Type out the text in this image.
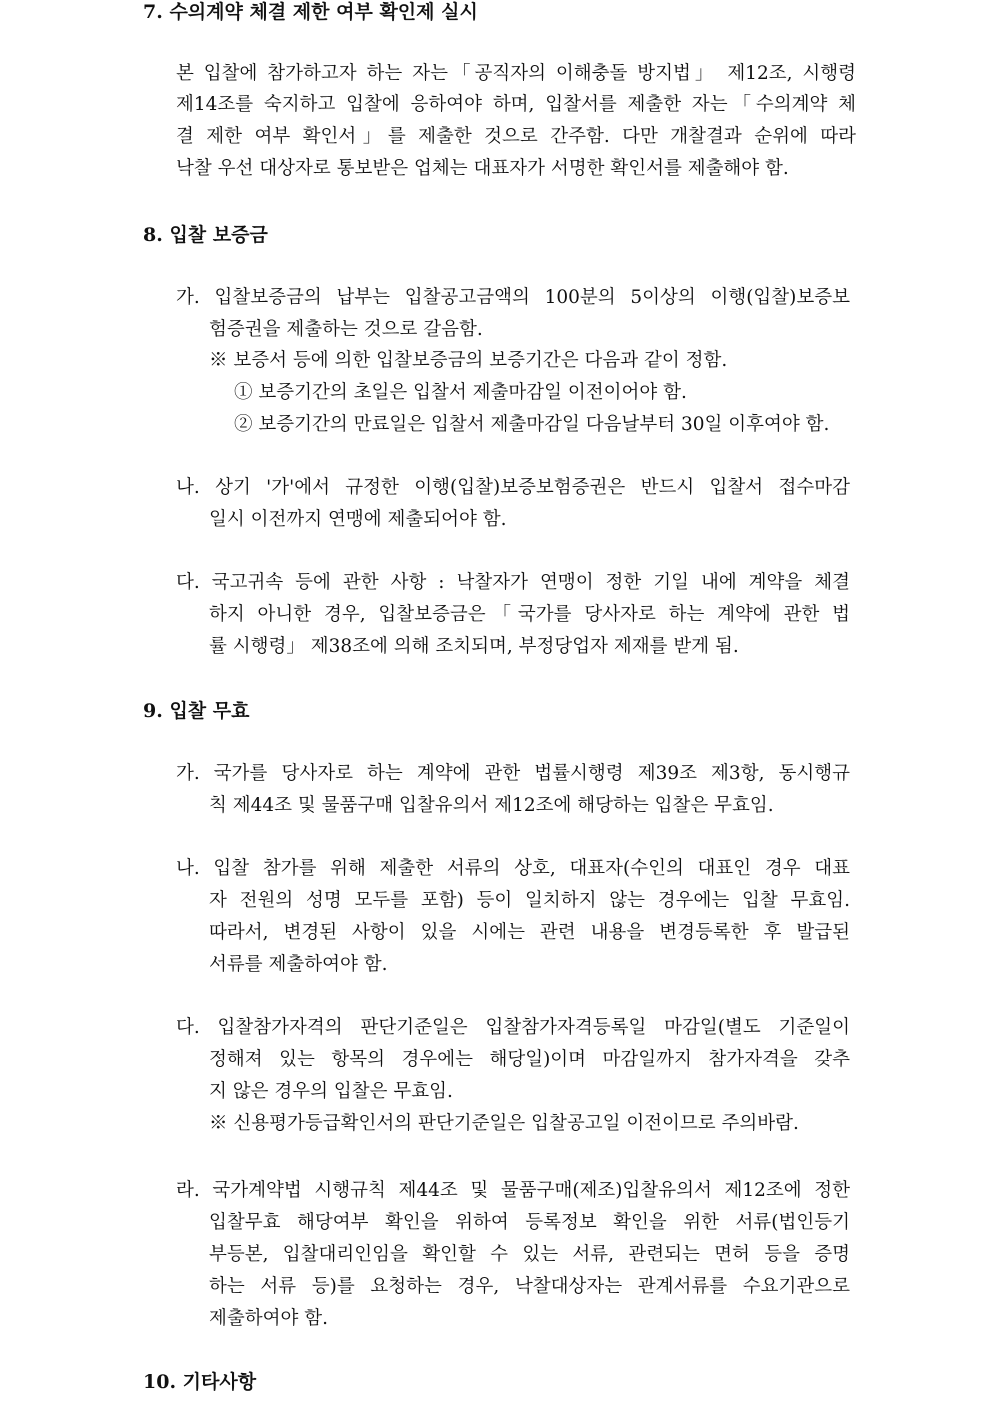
7. 수의계약 체결 제한 여부 확인제 실시
본 입찰에 참가하고자 하는 자는「공직자의 이해충돌 방지법」 제12조, 시행령
제14조를 숙지하고 입찰에 응하여야 하며, 입찰서를 제출한 자는「수의계약 체
결 제한 여부 확인서」를 제출한 것으로 간주함. 다만 개찰결과 순위에 따라
낙찰 우선 대상자로 통보받은 업체는 대표자가 서명한 확인서를 제출해야 함.
8. 입찰 보증금
가. 입찰보증금의 납부는 입찰공고금액의 100분의 5이상의 이행(입찰)보증보
험증권을 제출하는 것으로 갈음함.
※ 보증서 등에 의한 입찰보증금의 보증기간은 다음과 같이 정함.
① 보증기간의 초일은 입찰서 제출마감일 이전이어야 함.
② 보증기간의 만료일은 입찰서 제출마감일 다음날부터 30일 이후여야 함.
나. 상기 '가'에서 규정한 이행(입찰)보증보험증권은 반드시 입찰서 접수마감
일시 이전까지 연맹에 제출되어야 함.
다. 국고귀속 등에 관한 사항 : 낙찰자가 연맹이 정한 기일 내에 계약을 체결
하지 아니한 경우, 입찰보증금은「국가를 당사자로 하는 계약에 관한 법
률 시행령」 제38조에 의해 조치되며, 부정당업자 제재를 받게 됨.
9. 입찰 무효
가. 국가를 당사자로 하는 계약에 관한 법률시행령 제39조 제3항, 동시행규
칙 제44조 및 물품구매 입찰유의서 제12조에 해당하는 입찰은 무효임.
나. 입찰 참가를 위해 제출한 서류의 상호, 대표자(수인의 대표인 경우 대표
자 전원의 성명 모두를 포함) 등이 일치하지 않는 경우에는 입찰 무효임.
따라서, 변경된 사항이 있을 시에는 관련 내용을 변경등록한 후 발급된
서류를 제출하여야 함.
다. 입찰참가자격의 판단기준일은 입찰참가자격등록일 마감일(별도 기준일이
정해져 있는 항목의 경우에는 해당일)이며 마감일까지 참가자격을 갖추
지 않은 경우의 입찰은 무효임.
※ 신용평가등급확인서의 판단기준일은 입찰공고일 이전이므로 주의바람.
라. 국가계약법 시행규칙 제44조 및 물품구매(제조)입찰유의서 제12조에 정한
입찰무효 해당여부 확인을 위하여 등록정보 확인을 위한 서류(법인등기
부등본, 입찰대리인임을 확인할 수 있는 서류, 관련되는 면허 등을 증명
하는 서류 등)를 요청하는 경우, 낙찰대상자는 관계서류를 수요기관으로
제출하여야 함.
10. 기타사항
